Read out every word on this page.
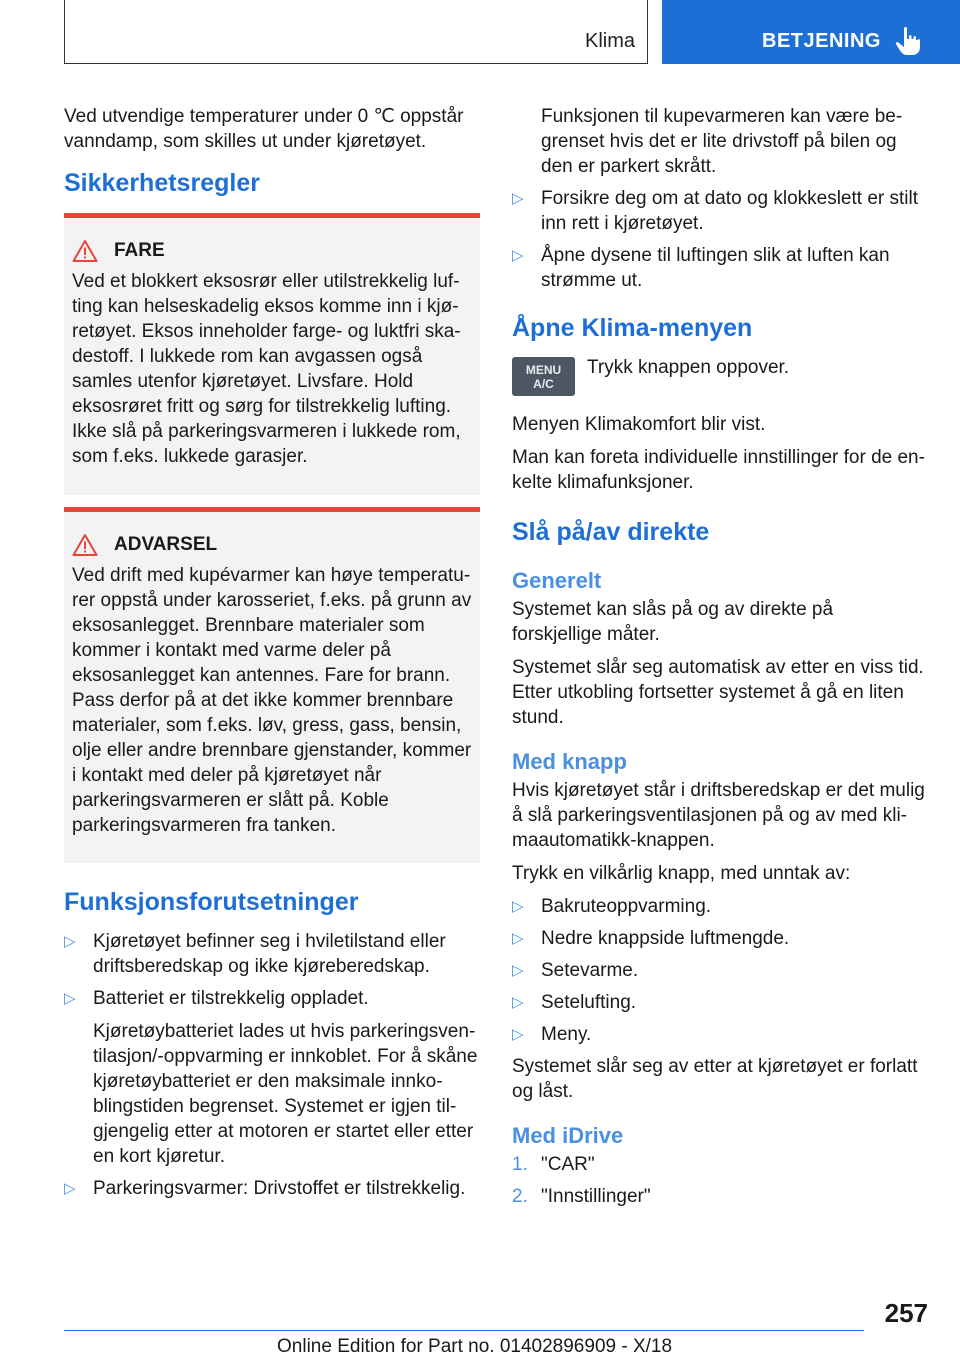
Klima	BETJENING

Ved utvendige temperaturer under 0 ℃ oppstår vanndamp, som skilles ut under kjøretøyet.

Sikkerhetsregler
FARE
Ved et blokkert eksosrør eller utilstrekkelig lufting kan helseskadelig eksos komme inn i kjøretøyet. Eksos inneholder farge- og luktfri skadestoff. I lukkede rom kan avgassen også samles utenfor kjøretøyet. Livsfare. Hold eksosrøret fritt og sørg for tilstrekkelig lufting. Ikke slå på parkeringsvarmeren i lukkede rom, som f.eks. lukkede garasjer.
ADVARSEL
Ved drift med kupévarmer kan høye temperaturer oppstå under karosseriet, f.eks. på grunn av eksosanlegget. Brennbare materialer som kommer i kontakt med varme deler på eksosanlegget kan antennes. Fare for brann. Pass derfor på at det ikke kommer brennbare materialer, som f.eks. løv, gress, gass, bensin, olje eller andre brennbare gjenstander, kommer i kontakt med deler på kjøretøyet når parkeringsvarmeren er slått på. Koble parkeringsvarmeren fra tanken.
Funksjonsforutsetninger
▷ Kjøretøyet befinner seg i hviletilstand eller driftsberedskap og ikke kjøreberedskap.
▷ Batteriet er tilstrekkelig oppladet.
Kjøretøybatteriet lades ut hvis parkeringsventilasjon/-oppvarming er innkoblet. For å skåne kjøretøybatteriet er den maksimale innkoblingstiden begrenset. Systemet er igjen tilgjengelig etter at motoren er startet eller etter en kort kjøretur.
▷ Parkeringsvarmer: Drivstoffet er tilstrekkelig.
Funksjonen til kupevarmeren kan være begrenset hvis det er lite drivstoff på bilen og den er parkert skrått.
▷ Forsikre deg om at dato og klokkeslett er stilt inn rett i kjøretøyet.
▷ Åpne dysene til luftingen slik at luften kan strømme ut.
Åpne Klima-menyen
MENU
A/C
Trykk knappen oppover.

Menyen Klimakomfort blir vist.

Man kan foreta individuelle innstillinger for de enkelte klimafunksjoner.

Slå på/av direkte
Generelt

Systemet kan slås på og av direkte på forskjellige måter.

Systemet slår seg automatisk av etter en viss tid. Etter utkobling fortsetter systemet å gå en liten stund.

Med knapp

Hvis kjøretøyet står i driftsberedskap er det mulig å slå parkeringsventilasjonen på og av med klimaautomatikk-knappen.

Trykk en vilkårlig knapp, med unntak av:

▷ Bakruteoppvarming.
▷ Nedre knappside luftmengde.
▷ Setevarme.
▷ Setelufting.
▷ Meny.

Systemet slår seg av etter at kjøretøyet er forlatt og låst.

Med iDrive
1. "CAR"
2. "Innstillinger"
257
Online Edition for Part no. 01402896909 - X/18
